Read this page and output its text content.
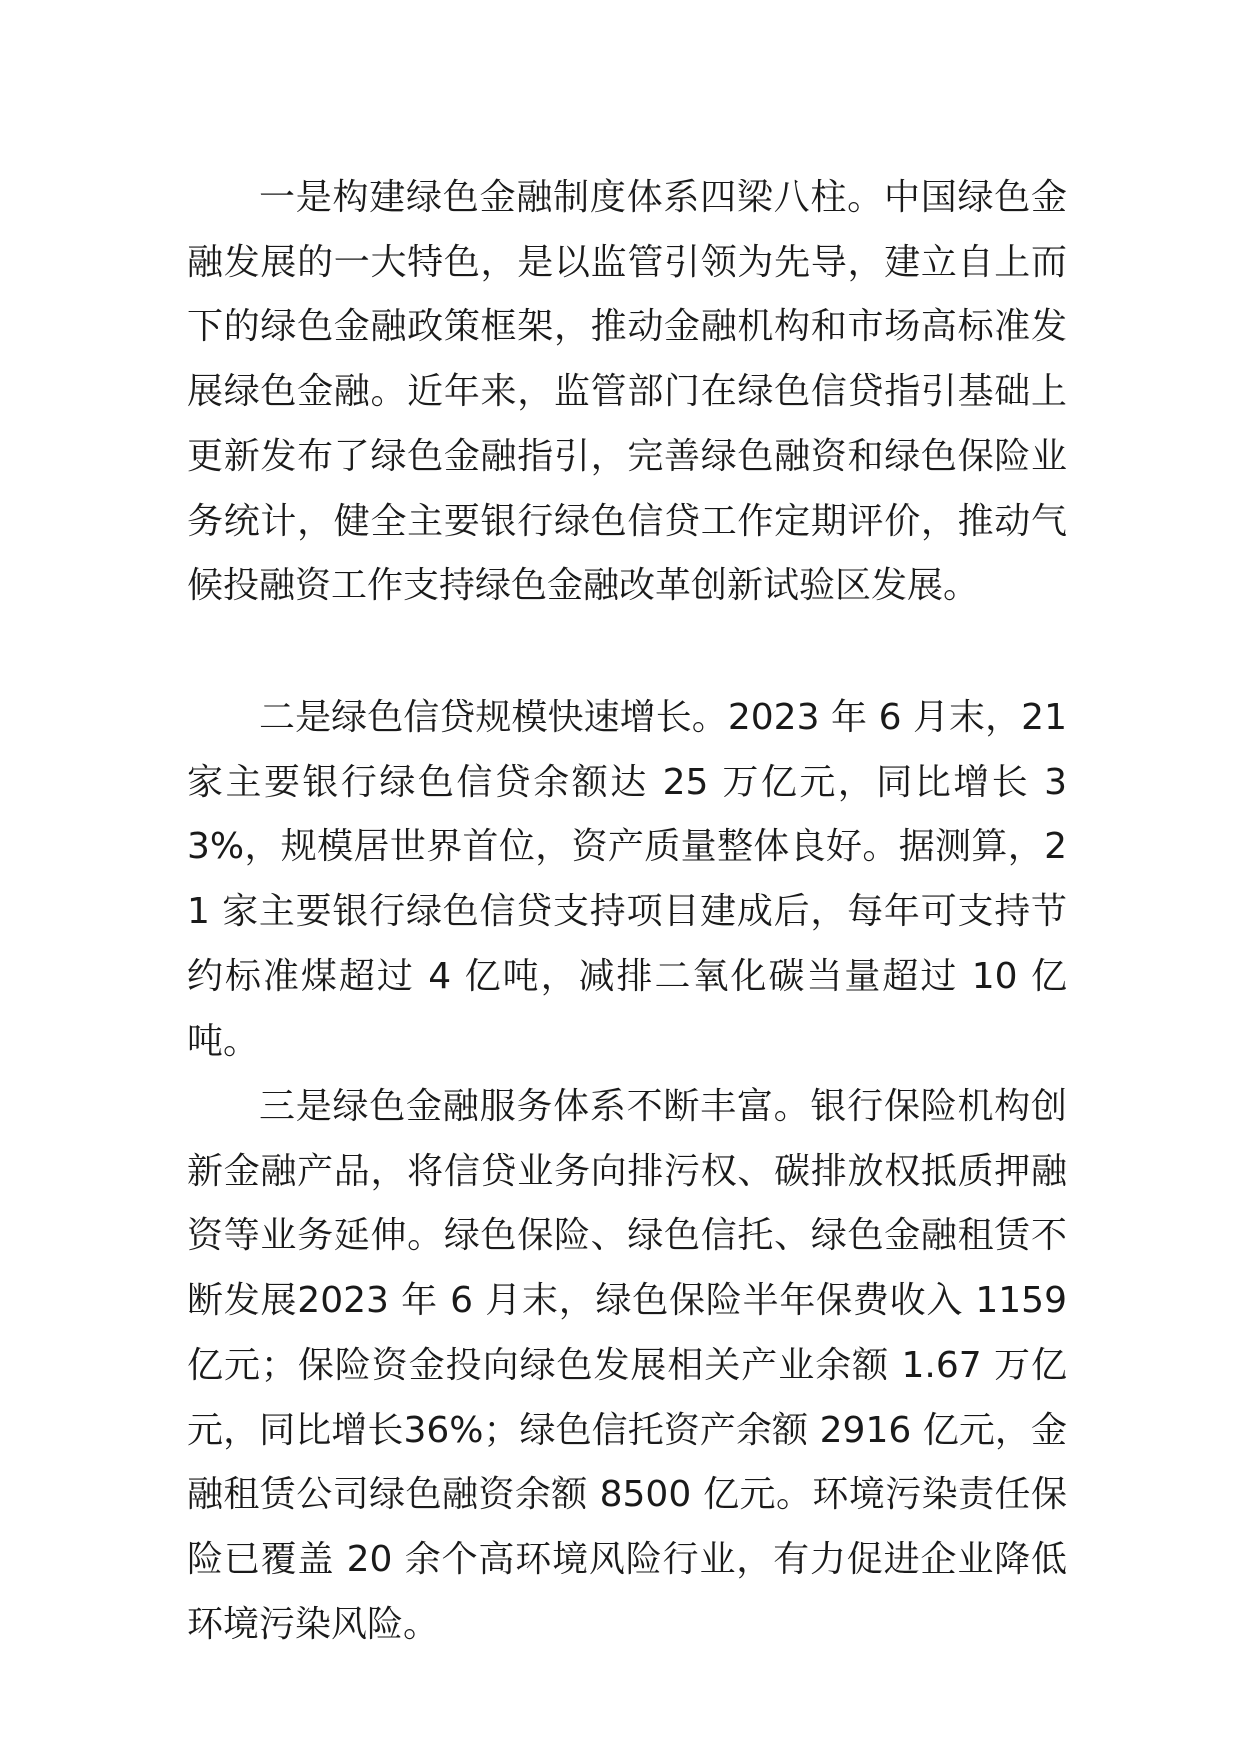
一是构建绿色金融制度体系四梁八柱。中国绿色金融发展的一大特色，是以监管引领为先导，建立自上而下的绿色金融政策框架，推动金融机构和市场高标准发展绿色金融。近年来，监管部门在绿色信贷指引基础上更新发布了绿色金融指引，完善绿色融资和绿色保险业务统计，健全主要银行绿色信贷工作定期评价，推动气候投融资工作支持绿色金融改革创新试验区发展。

二是绿色信贷规模快速增长。2023 年 6 月末，21 家主要银行绿色信贷余额达 25 万亿元，同比增长 33%，规模居世界首位，资产质量整体良好。据测算，21 家主要银行绿色信贷支持项目建成后，每年可支持节约标准煤超过 4 亿吨，减排二氧化碳当量超过 10 亿吨。

三是绿色金融服务体系不断丰富。银行保险机构创新金融产品，将信贷业务向排污权、碳排放权抵质押融资等业务延伸。绿色保险、绿色信托、绿色金融租赁不断发展2023 年 6 月末，绿色保险半年保费收入 1159 亿元；保险资金投向绿色发展相关产业余额 1.67 万亿元，同比增长36%；绿色信托资产余额 2916 亿元，金融租赁公司绿色融资余额 8500 亿元。环境污染责任保险已覆盖 20 余个高环境风险行业，有力促进企业降低环境污染风险。
